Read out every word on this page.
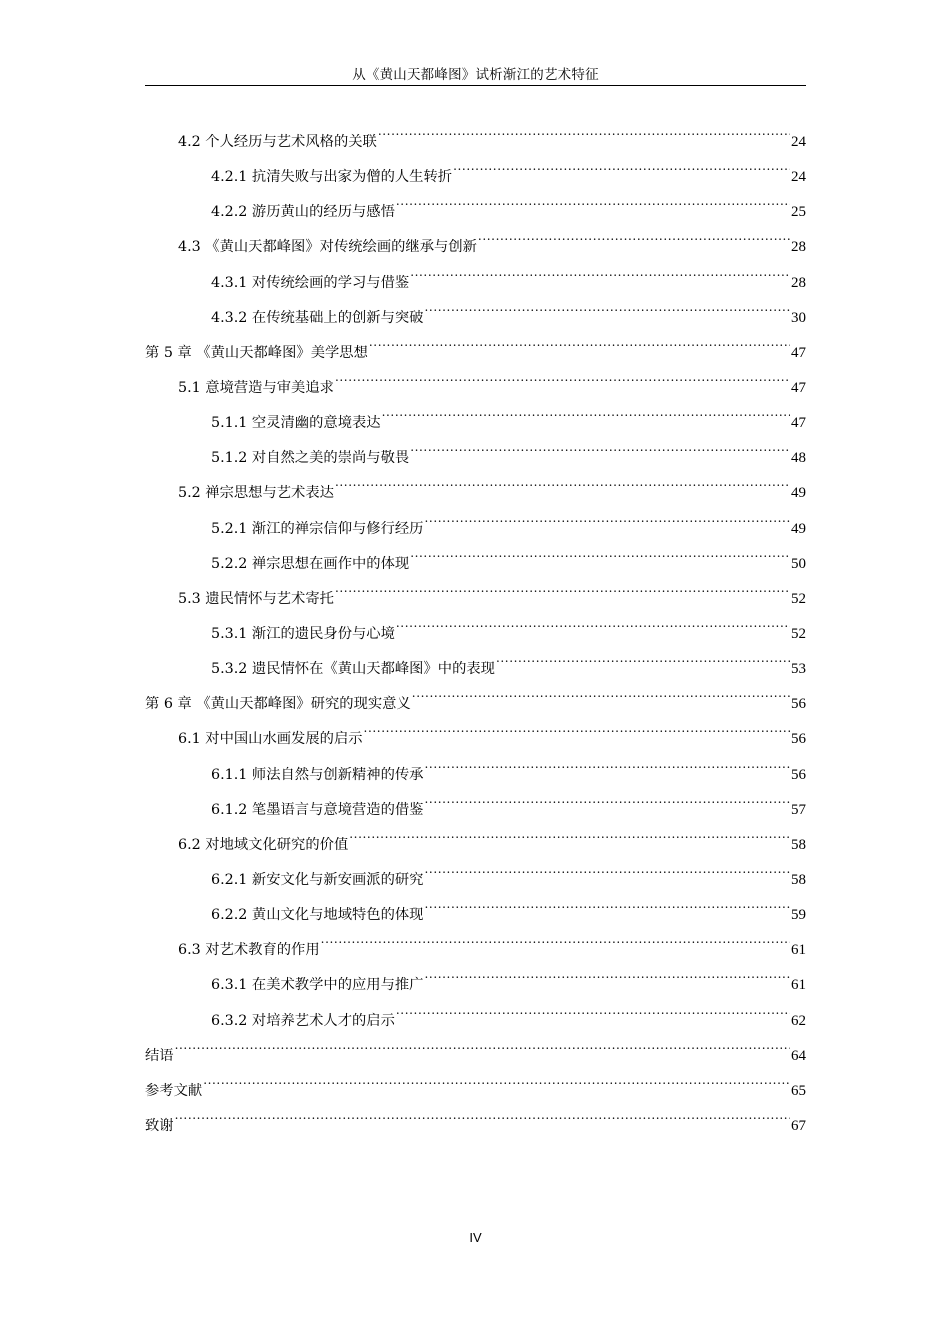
从《黄山天都峰图》试析渐江的艺术特征
4.2 个人经历与艺术风格的关联 .....	24
4.2.1 抗清失败与出家为僧的人生转折 .....	24
4.2.2 游历黄山的经历与感悟 .....	25
4.3 《黄山天都峰图》对传统绘画的继承与创新 .....	28
4.3.1 对传统绘画的学习与借鉴 .....	28
4.3.2 在传统基础上的创新与突破 .....	30
第 5 章 《黄山天都峰图》美学思想 .....	47
5.1 意境营造与审美追求 .....	47
5.1.1 空灵清幽的意境表达 .....	47
5.1.2 对自然之美的崇尚与敬畏 .....	48
5.2 禅宗思想与艺术表达 .....	49
5.2.1 渐江的禅宗信仰与修行经历 .....	49
5.2.2 禅宗思想在画作中的体现 .....	50
5.3 遗民情怀与艺术寄托 .....	52
5.3.1 渐江的遗民身份与心境 .....	52
5.3.2 遗民情怀在《黄山天都峰图》中的表现 .....	53
第 6 章 《黄山天都峰图》研究的现实意义 .....	56
6.1 对中国山水画发展的启示 .....	56
6.1.1 师法自然与创新精神的传承 .....	56
6.1.2 笔墨语言与意境营造的借鉴 .....	57
6.2 对地域文化研究的价值 .....	58
6.2.1 新安文化与新安画派的研究 .....	58
6.2.2 黄山文化与地域特色的体现 .....	59
6.3 对艺术教育的作用 .....	61
6.3.1 在美术教学中的应用与推广 .....	61
6.3.2 对培养艺术人才的启示 .....	62
结语 .....	64
参考文献 .....	65
致谢 .....	67
IV
